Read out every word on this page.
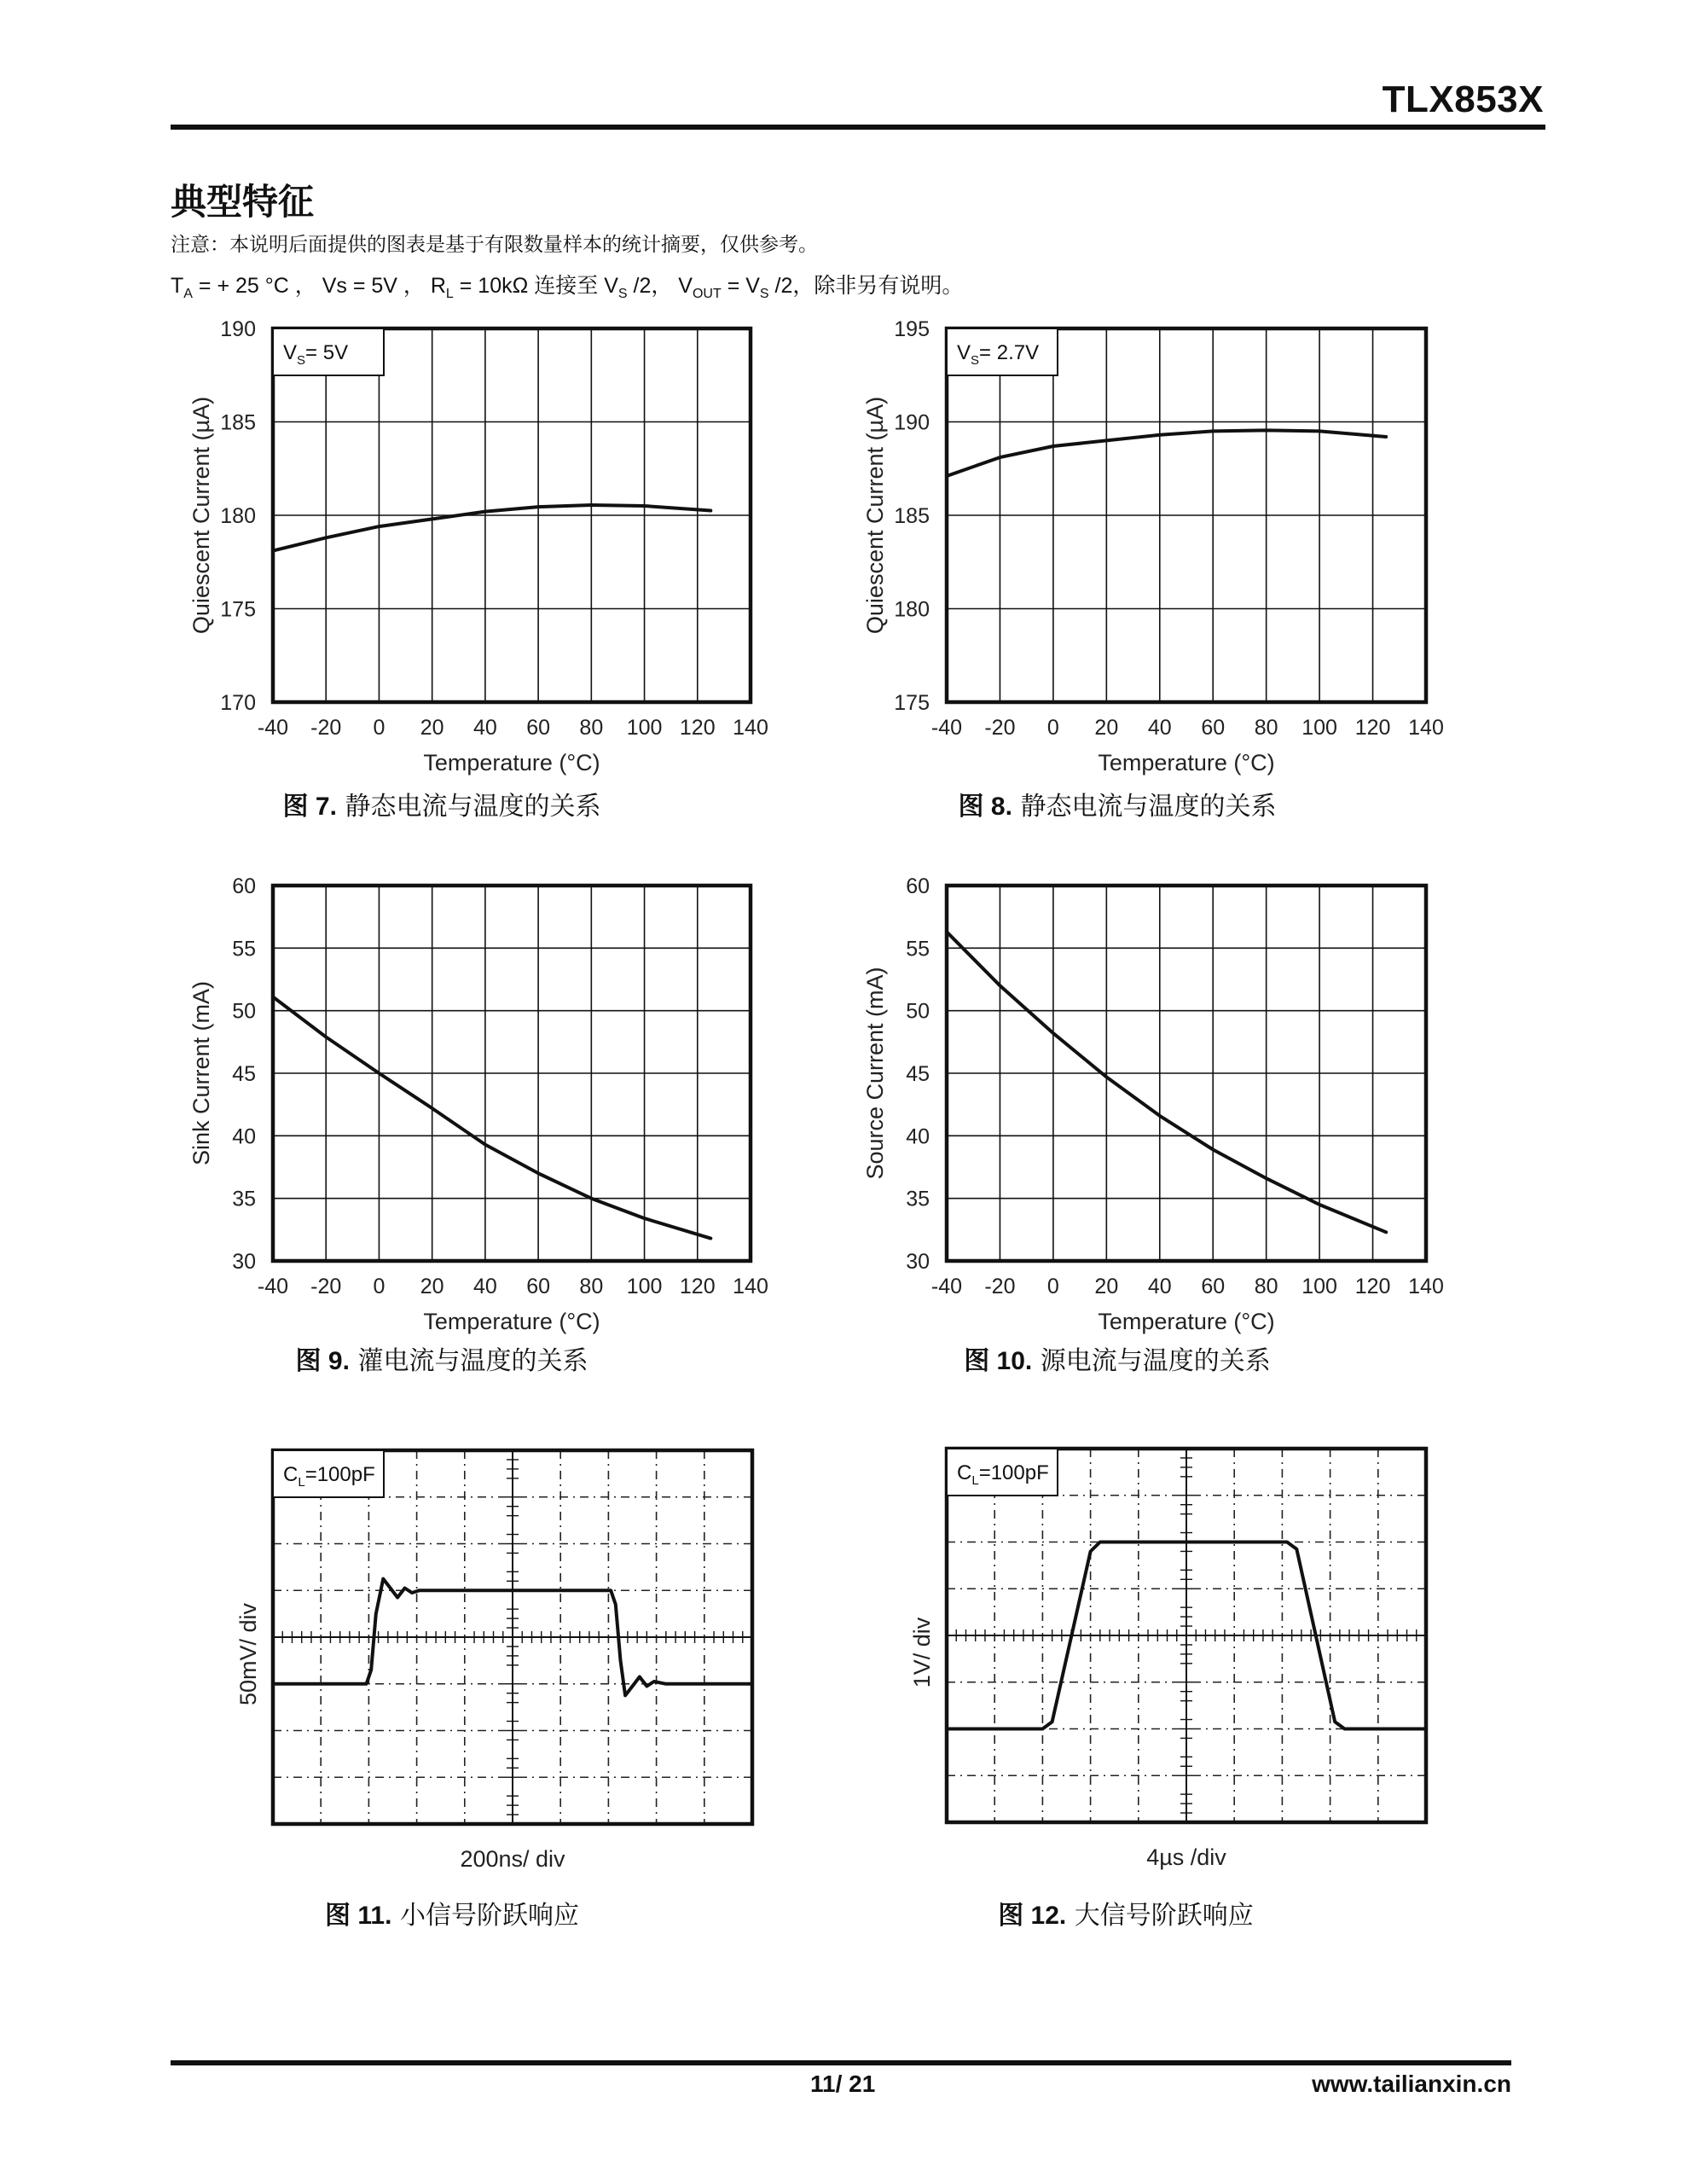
TLX853X
典型特征
注意：本说明后面提供的图表是基于有限数量样本的统计摘要，仅供参考。
$T_A$ = + 25 °C ， Vs = 5V ， $R_L = 10k\Omega$ 连接至 $V_S$ /2， $V_{OUT} = V_S$ /2，除非另有说明。
-40 -20 0 20 40 60 80 100 120 140
170
175
180
185
190
Temperature (°C)
Quiescent Current (µA)
$V_S= 5V$
图 7. 静态电流与温度的关系
-40 -20 0 20 40 60 80 100 120 140
175
180
185
190
195
Temperature (°C)
Quiescent Current (µA)
$V_S= 2.7V$
图 8. 静态电流与温度的关系
-40 -20 0 20 40 60 80 100 120 140
30
35
40
45
50
55
60
Temperature (°C)
Sink Current (mA)
图 9. 灌电流与温度的关系
-40 -20 0 20 40 60 80 100 120 140
30
35
40
45
50
55
60
Temperature (°C)
Source Current (mA)
图 10. 源电流与温度的关系
200ns/ div
50mV/ div
$C_L=100pF$
图 11. 小信号阶跃响应
4µs /div
1V/ div
$C_L=100pF$
图 12. 大信号阶跃响应
11/ 21	www.tailianxin.cn
